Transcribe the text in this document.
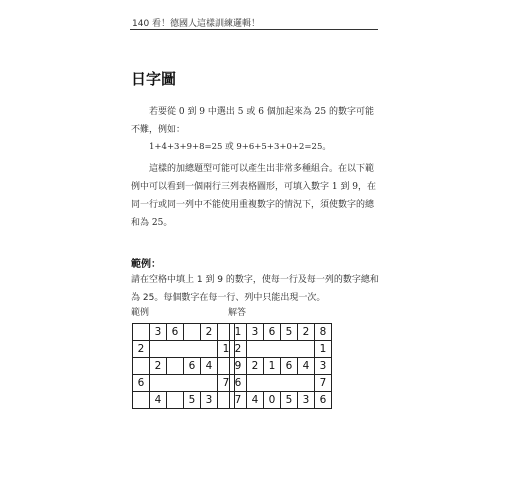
140 看！德國人這樣訓練邏輯！
日字圖
若要從 0 到 9 中選出 5 或 6 個加起來為 25 的數字可能不難，例如：
1+4+3+9+8=25 或 9+6+5+3+0+2=25。
這樣的加總題型可能可以產生出非常多種組合。在以下範例中可以看到一個兩行三列表格圖形，可填入數字 1 到 9，在同一行或同一列中不能使用重複數字的情況下，須使數字的總和為 25。
範例：
請在空格中填上 1 到 9 的數字，使每一行及每一列的數字總和為 25。每個數字在每一行、列中只能出現一次。
範例	解答
	3	6		2	
2					1
	2		6	4	
6					7
	4		5	3	
1	3	6	5	2	8
2					1
9	2	1	6	4	3
6					7
7	4	0	5	3	6
